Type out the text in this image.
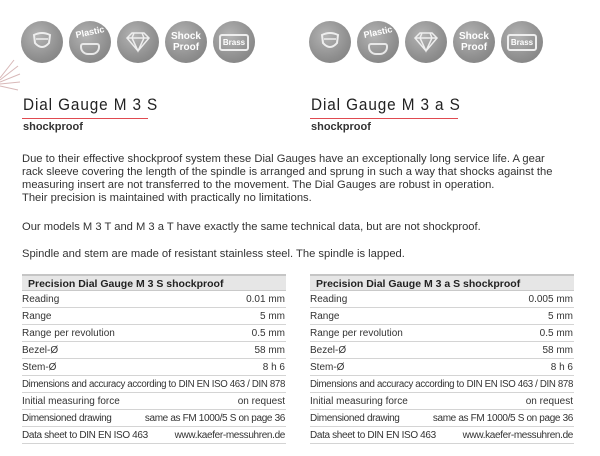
Plastic	Shock
Proof	Brass
Plastic	Shock
Proof	Brass
Dial Gauge M 3 S
shockproof
Dial Gauge M 3 a S
shockproof
Due to their effective shockproof system these Dial Gauges have an exceptionally long service life. A gear
rack sleeve covering the length of the spindle is arranged and sprung in such a way that shocks against the
measuring insert are not transferred to the movement. The Dial Gauges are robust in operation.
Their precision is maintained with practically no limitations.
Our models M 3 T and M 3 a T have exactly the same technical data, but are not shockproof.
Spindle and stem are made of resistant stainless steel. The spindle is lapped.
Precision Dial Gauge M 3 S shockproof
Reading	0.01 mm
Range	5 mm
Range per revolution	0.5 mm
Bezel-Ø	58 mm
Stem-Ø	8 h 6
Dimensions and accuracy according to DIN EN ISO 463 / DIN 878
Initial measuring force	on request
Dimensioned drawing	same as FM 1000/5 S on page 36
Data sheet to DIN EN ISO 463	www.kaefer-messuhren.de
Precision Dial Gauge M 3 a S shockproof
Reading	0.005 mm
Range	5 mm
Range per revolution	0.5 mm
Bezel-Ø	58 mm
Stem-Ø	8 h 6
Dimensions and accuracy according to DIN EN ISO 463 / DIN 878
Initial measuring force	on request
Dimensioned drawing	same as FM 1000/5 S on page 36
Data sheet to DIN EN ISO 463	www.kaefer-messuhren.de
